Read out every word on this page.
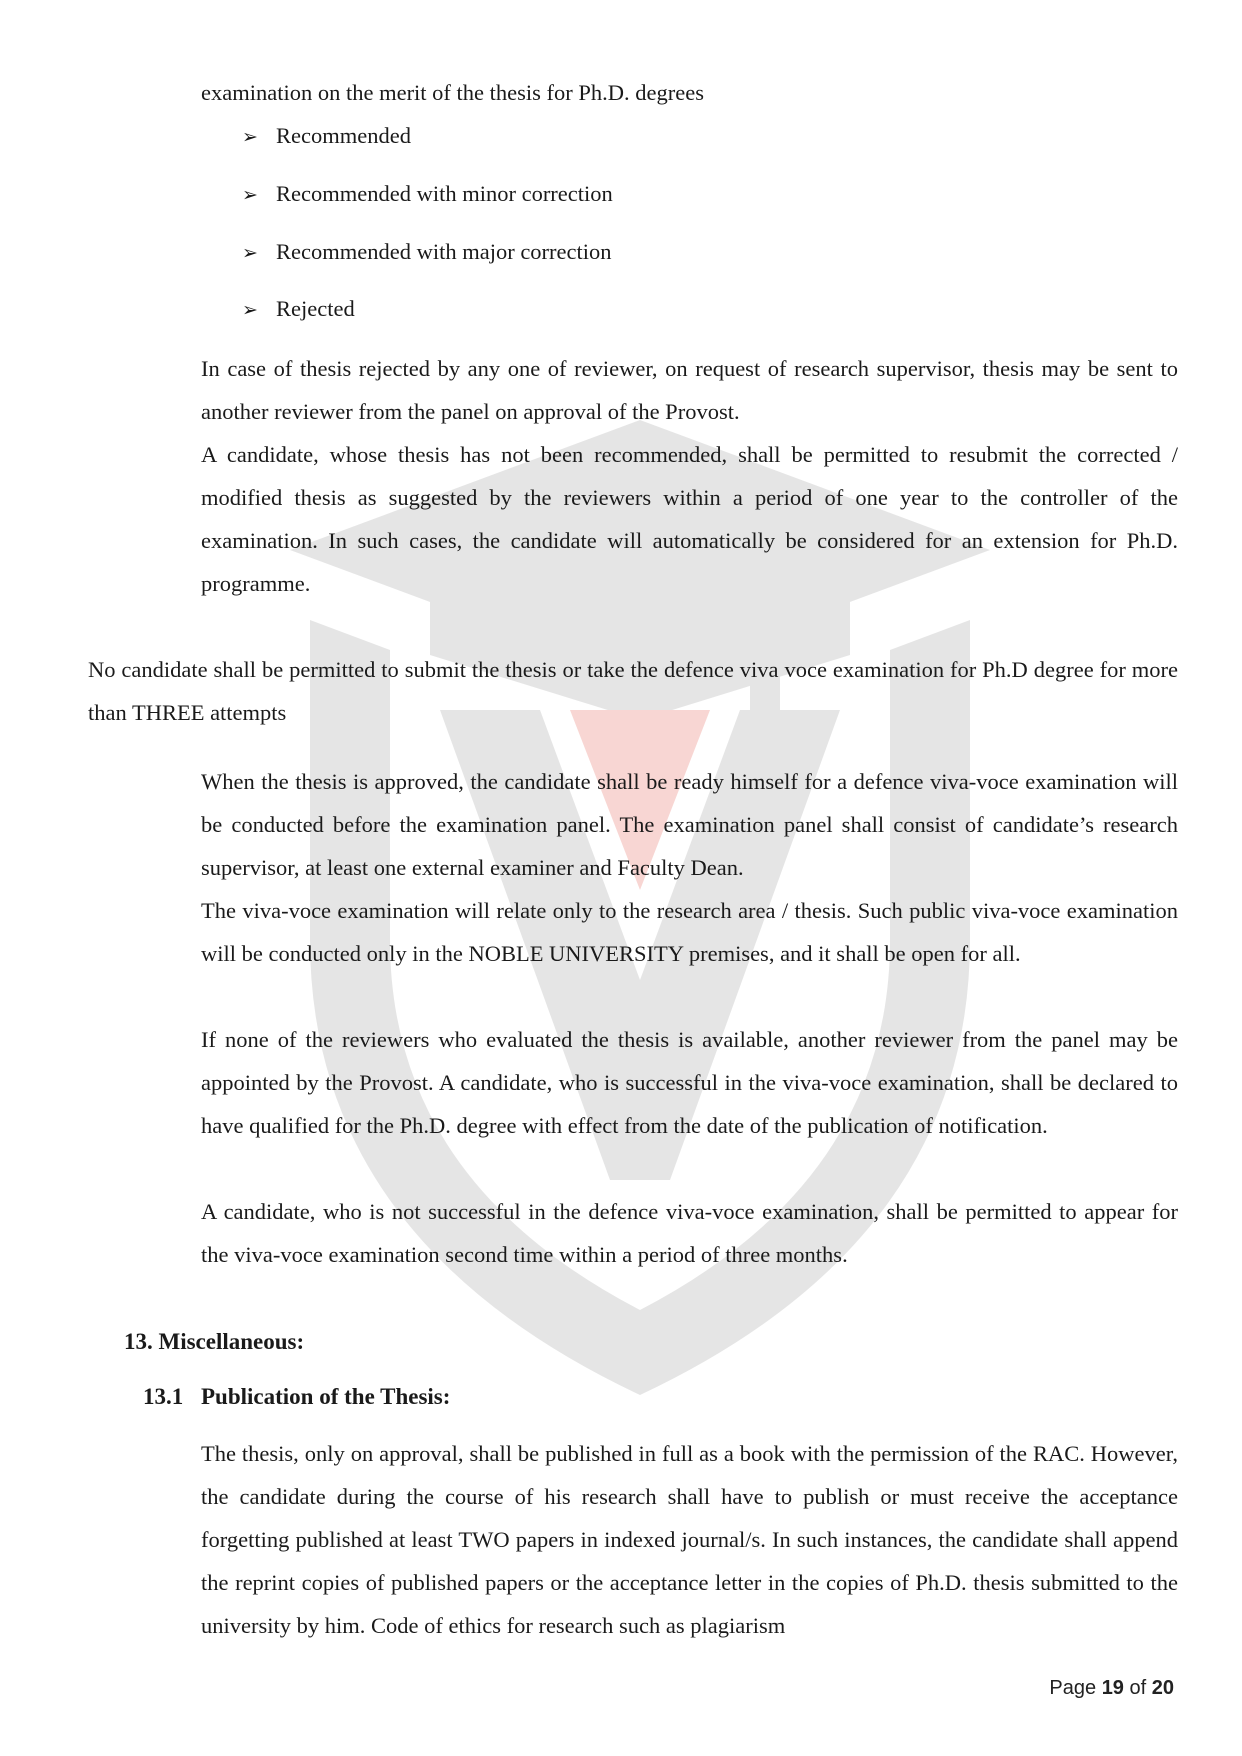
examination on the merit of the thesis for Ph.D. degrees
➢ Recommended
➢ Recommended with minor correction
➢ Recommended with major correction
➢ Rejected
In case of thesis rejected by any one of reviewer, on request of research supervisor, thesis may be sent to another reviewer from the panel on approval of the Provost.
A candidate, whose thesis has not been recommended, shall be permitted to resubmit the corrected / modified thesis as suggested by the reviewers within a period of one year to the controller of the examination. In such cases, the candidate will automatically be considered for an extension for Ph.D. programme.
No candidate shall be permitted to submit the thesis or take the defence viva voce examination for Ph.D degree for more than THREE attempts
When the thesis is approved, the candidate shall be ready himself for a defence viva-voce examination will be conducted before the examination panel. The examination panel shall consist of candidate’s research supervisor, at least one external examiner and Faculty Dean.
The viva-voce examination will relate only to the research area / thesis. Such public viva-voce examination will be conducted only in the NOBLE UNIVERSITY premises, and it shall be open for all.
If none of the reviewers who evaluated the thesis is available, another reviewer from the panel may be appointed by the Provost. A candidate, who is successful in the viva-voce examination, shall be declared to have qualified for the Ph.D. degree with effect from the date of the publication of notification.
A candidate, who is not successful in the defence viva-voce examination, shall be permitted to appear for the viva-voce examination second time within a period of three months.
13. Miscellaneous:
13.1 Publication of the Thesis:
The thesis, only on approval, shall be published in full as a book with the permission of the RAC. However, the candidate during the course of his research shall have to publish or must receive the acceptance forgetting published at least TWO papers in indexed journal/s. In such instances, the candidate shall append the reprint copies of published papers or the acceptance letter in the copies of Ph.D. thesis submitted to the university by him. Code of ethics for research such as plagiarism
Page 19 of 20
